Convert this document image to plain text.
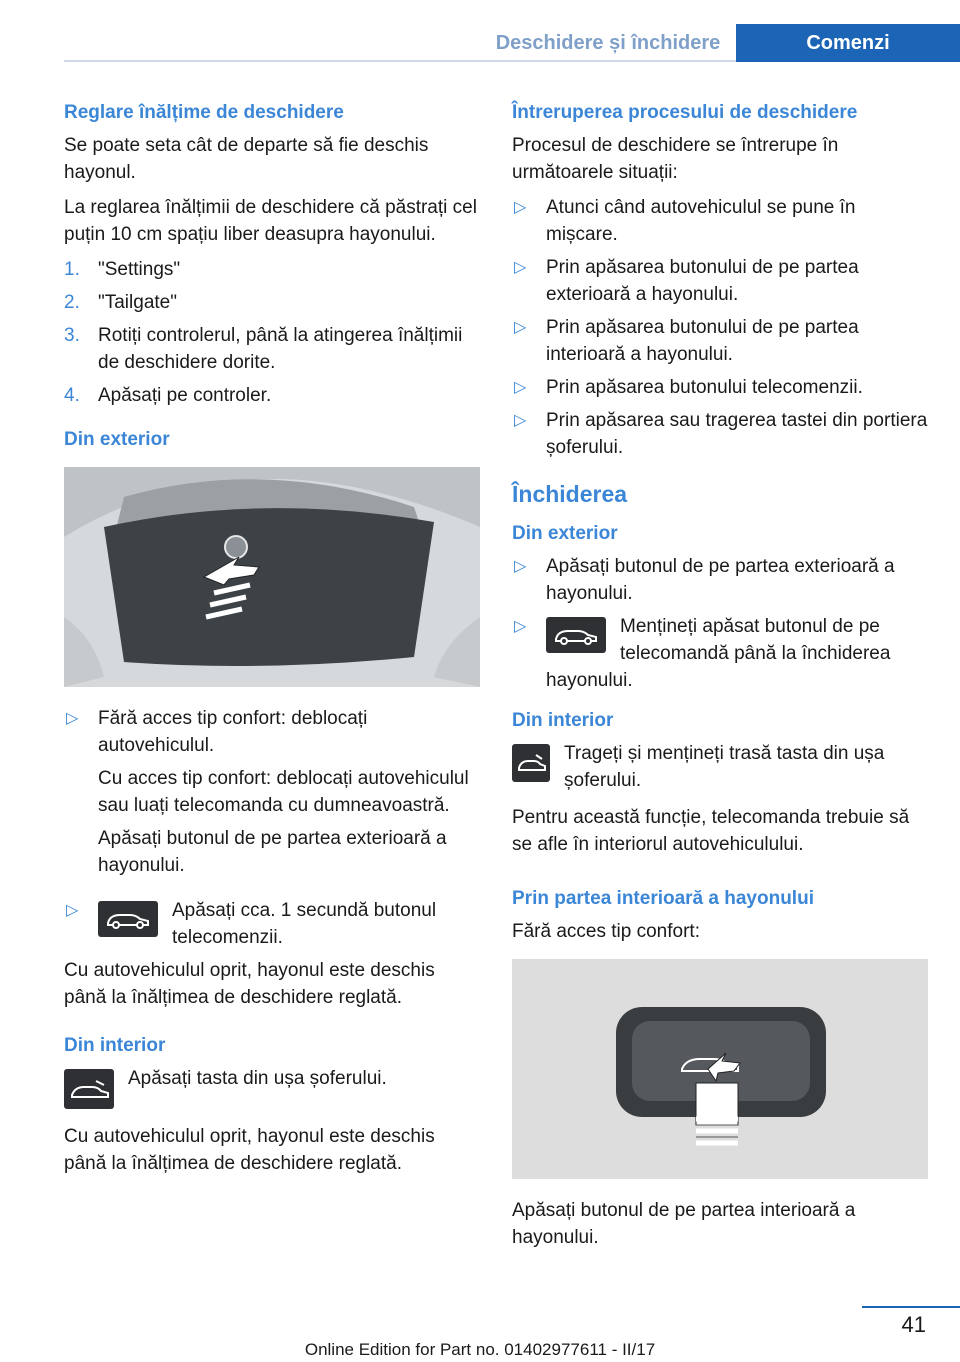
Deschidere și închidere	Comenzi
Reglare înălțime de deschidere
Se poate seta cât de departe să fie deschis hayonul.
La reglarea înălțimii de deschidere că păstrați cel puțin 10 cm spațiu liber deasupra hayonului.
1. "Settings"
2. "Tailgate"
3. Rotiți controlerul, până la atingerea înălțimii de deschidere dorite.
4. Apăsați pe controler.
Din exterior
▷ Fără acces tip confort: deblocați autovehiculul.
Cu acces tip confort: deblocați autovehiculul sau luați telecomanda cu dumneavoastră.
Apăsați butonul de pe partea exterioară a hayonului.
▷	Apăsați cca. 1 secundă butonul telecomenzii.
Cu autovehiculul oprit, hayonul este deschis până la înălțimea de deschidere reglată.
Din interior
Apăsați tasta din ușa șoferului.
Cu autovehiculul oprit, hayonul este deschis până la înălțimea de deschidere reglată.
Întreruperea procesului de deschidere
Procesul de deschidere se întrerupe în următoarele situații:
▷ Atunci când autovehiculul se pune în mișcare.
▷ Prin apăsarea butonului de pe partea exterioară a hayonului.
▷ Prin apăsarea butonului de pe partea interioară a hayonului.
▷ Prin apăsarea butonului telecomenzii.
▷ Prin apăsarea sau tragerea tastei din portiera șoferului.
Închiderea
Din exterior
▷ Apăsați butonul de pe partea exterioară a hayonului.
▷	Mențineți apăsat butonul de pe telecomandă până la închiderea hayonului.
Din interior
Trageți și mențineți trasă tasta din ușa șoferului.
Pentru această funcție, telecomanda trebuie să se afle în interiorul autovehiculului.
Prin partea interioară a hayonului
Fără acces tip confort:
Apăsați butonul de pe partea interioară a hayonului.
41
Online Edition for Part no. 01402977611 - II/17
